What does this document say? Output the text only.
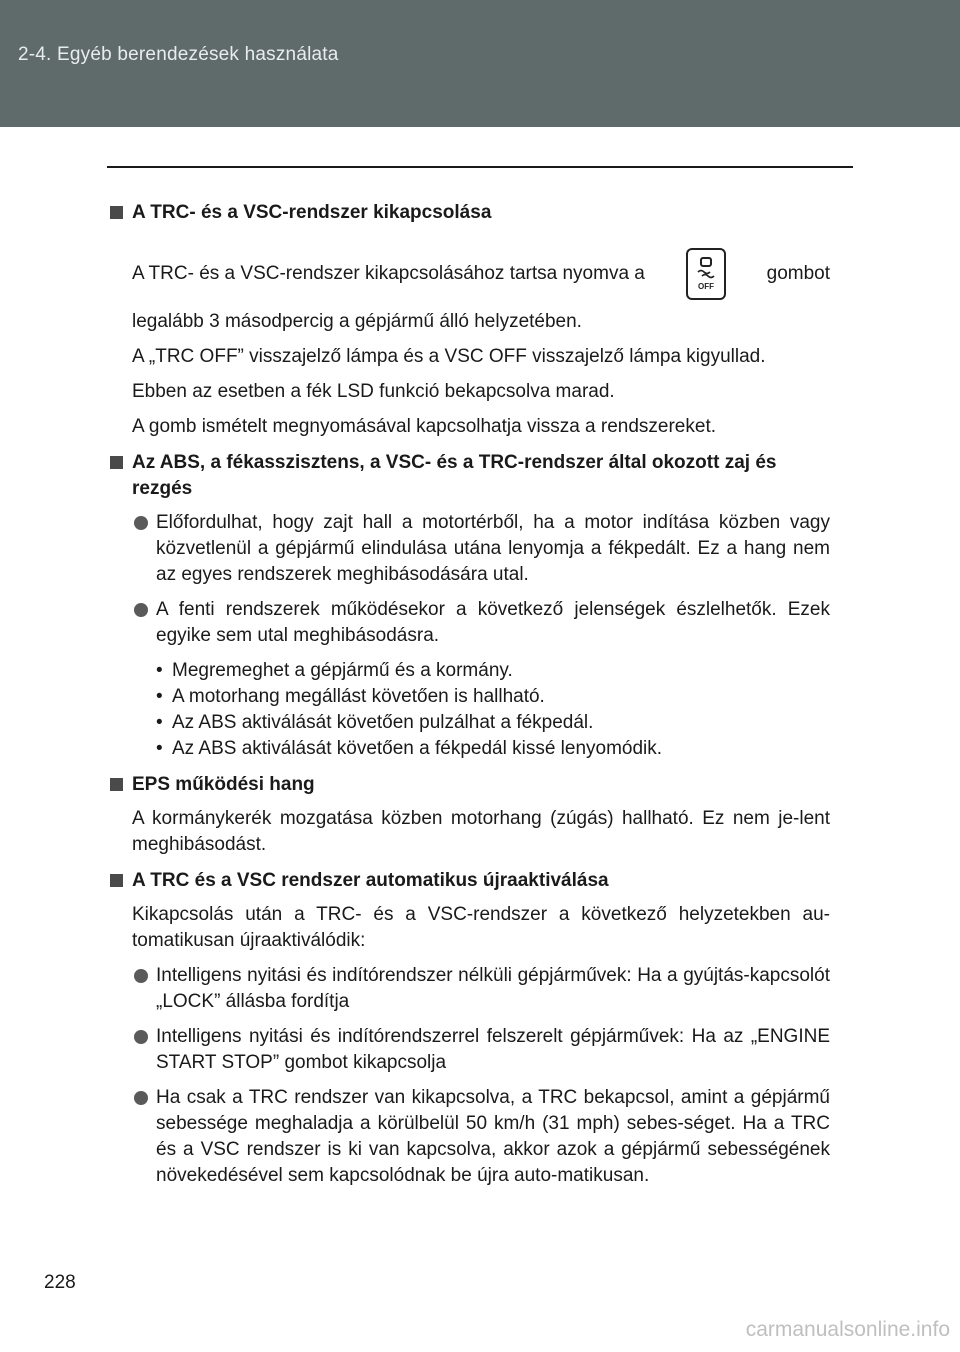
2-4. Egyéb berendezések használata
A TRC- és a VSC-rendszer kikapcsolása
A TRC- és a VSC-rendszer kikapcsolásához tartsa nyomva a
OFF
gombot
legalább 3 másodpercig a gépjármű álló helyzetében.
A „TRC OFF” visszajelző lámpa és a VSC OFF visszajelző lámpa kigyullad.
Ebben az esetben a fék LSD funkció bekapcsolva marad.
A gomb ismételt megnyomásával kapcsolhatja vissza a rendszereket.
Az ABS, a fékasszisztens, a VSC- és a TRC-rendszer által okozott zaj és rezgés
Előfordulhat, hogy zajt hall a motortérből, ha a motor indítása közben vagy közvetlenül a gépjármű elindulása utána lenyomja a fékpedált. Ez a hang nem az egyes rendszerek meghibásodására utal.
A fenti rendszerek működésekor a következő jelenségek észlelhetők. Ezek egyike sem utal meghibásodásra.
• Megremeghet a gépjármű és a kormány.
• A motorhang megállást követően is hallható.
• Az ABS aktiválását követően pulzálhat a fékpedál.
• Az ABS aktiválását követően a fékpedál kissé lenyomódik.
EPS működési hang
A kormánykerék mozgatása közben motorhang (zúgás) hallható. Ez nem je-lent meghibásodást.
A TRC és a VSC rendszer automatikus újraaktiválása
Kikapcsolás után a TRC- és a VSC-rendszer a következő helyzetekben au-tomatikusan újraaktiválódik:
Intelligens nyitási és indítórendszer nélküli gépjárművek: Ha a gyújtás-kapcsolót „LOCK” állásba fordítja
Intelligens nyitási és indítórendszerrel felszerelt gépjárművek: Ha az „ENGINE START STOP” gombot kikapcsolja
Ha csak a TRC rendszer van kikapcsolva, a TRC bekapcsol, amint a gépjármű sebessége meghaladja a körülbelül 50 km/h (31 mph) sebes-séget. Ha a TRC és a VSC rendszer is ki van kapcsolva, akkor azok a gépjármű sebességének növekedésével sem kapcsolódnak be újra auto-matikusan.
228
carmanualsonline.info
